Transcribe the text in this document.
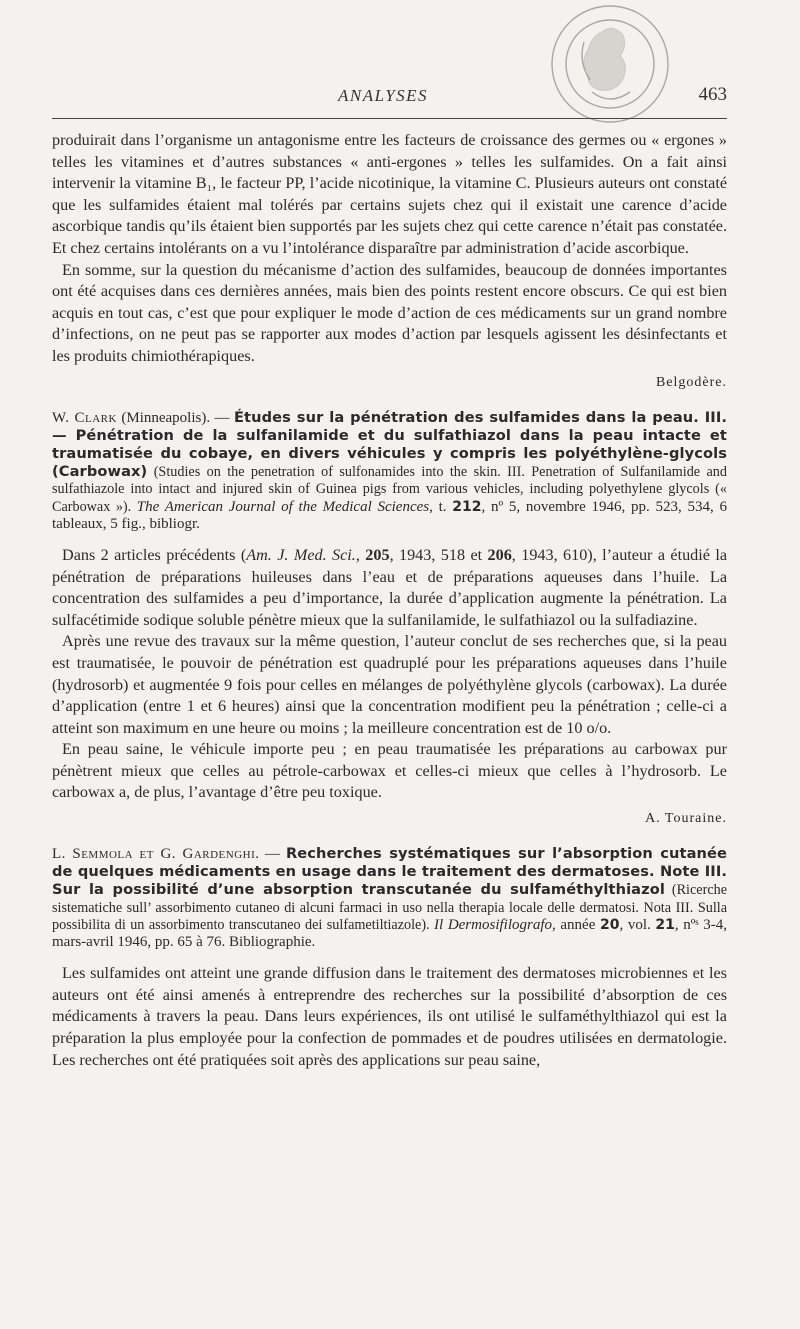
ANALYSES	463

produirait dans l’organisme un antagonisme entre les facteurs de croissance des germes ou « ergones » telles les vitamines et d’autres substances « anti-ergones » telles les sulfamides. On a fait ainsi intervenir la vitamine B₁, le facteur PP, l’acide nicotinique, la vitamine C. Plusieurs auteurs ont constaté que les sulfamides étaient mal tolérés par certains sujets chez qui il existait une carence d’acide ascorbique tandis qu’ils étaient bien supportés par les sujets chez qui cette carence n’était pas constatée. Et chez certains intolérants on a vu l’intolérance disparaître par administration d’acide ascorbique.

En somme, sur la question du mécanisme d’action des sulfamides, beaucoup de données importantes ont été acquises dans ces dernières années, mais bien des points restent encore obscurs. Ce qui est bien acquis en tout cas, c’est que pour expliquer le mode d’action de ces médicaments sur un grand nombre d’infections, on ne peut pas se rapporter aux modes d’action par lesquels agissent les désinfectants et les produits chimiothérapiques.

Belgodère.
W. Clark (Minneapolis). — Études sur la pénétration des sulfamides dans la peau. III. — Pénétration de la sulfanilamide et du sulfathiazol dans la peau intacte et traumatisée du cobaye, en divers véhicules y compris les polyéthylène-glycols (Carbowax) (Studies on the penetration of sulfonamides into the skin. III. Penetration of Sulfanilamide and sulfathiazole into intact and injured skin of Guinea pigs from various vehicles, including polyethylene glycols (« Carbowax »). The American Journal of the Medical Sciences, t. 212, nº 5, novembre 1946, pp. 523, 534, 6 tableaux, 5 fig., bibliogr.

Dans 2 articles précédents (Am. J. Med. Sci., 205, 1943, 518 et 206, 1943, 610), l’auteur a étudié la pénétration de préparations huileuses dans l’eau et de préparations aqueuses dans l’huile. La concentration des sulfamides a peu d’importance, la durée d’application augmente la pénétration. La sulfacétimide sodique soluble pénètre mieux que la sulfanilamide, le sulfathiazol ou la sulfadiazine.

Après une revue des travaux sur la même question, l’auteur conclut de ses recherches que, si la peau est traumatisée, le pouvoir de pénétration est quadruplé pour les préparations aqueuses dans l’huile (hydrosorb) et augmentée 9 fois pour celles en mélanges de polyéthylène glycols (carbowax). La durée d’application (entre 1 et 6 heures) ainsi que la concentration modifient peu la pénétration ; celle-ci a atteint son maximum en une heure ou moins ; la meilleure concentration est de 10 o/o.

En peau saine, le véhicule importe peu ; en peau traumatisée les préparations au carbowax pur pénètrent mieux que celles au pétrole-carbowax et celles-ci mieux que celles à l’hydrosorb. Le carbowax a, de plus, l’avantage d’être peu toxique.

A. Touraine.
L. Semmola et G. Gardenghi. — Recherches systématiques sur l’absorption cutanée de quelques médicaments en usage dans le traitement des dermatoses. Note III. Sur la possibilité d’une absorption transcutanée du sulfaméthylthiazol (Ricerche sistematiche sull’ assorbimento cutaneo di alcuni farmaci in uso nella therapia locale delle dermatosi. Nota III. Sulla possibilita di un assorbimento transcutaneo dei sulfametiltiazole). Il Dermosifilografo, année 20, vol. 21, nºˢ 3-4, mars-avril 1946, pp. 65 à 76. Bibliographie.

Les sulfamides ont atteint une grande diffusion dans le traitement des dermatoses microbiennes et les auteurs ont été ainsi amenés à entreprendre des recherches sur la possibilité d’absorption de ces médicaments à travers la peau. Dans leurs expériences, ils ont utilisé le sulfaméthylthiazol qui est la préparation la plus employée pour la confection de pommades et de poudres utilisées en dermatologie. Les recherches ont été pratiquées soit après des applications sur peau saine,
